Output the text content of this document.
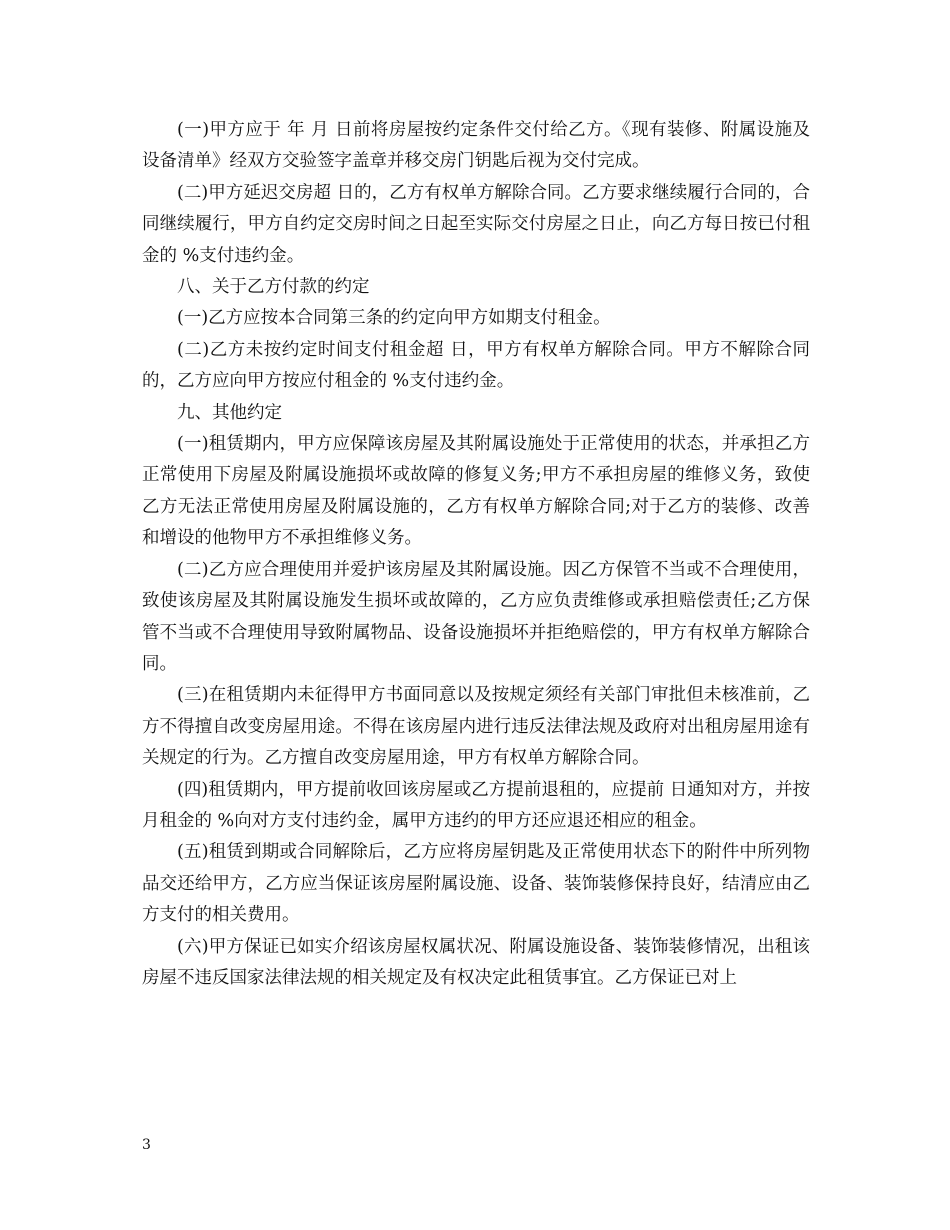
(一)甲方应于 年 月 日前将房屋按约定条件交付给乙方。《现有装修、附属设施及设备清单》经双方交验签字盖章并移交房门钥匙后视为交付完成。

(二)甲方延迟交房超 日的，乙方有权单方解除合同。乙方要求继续履行合同的，合同继续履行，甲方自约定交房时间之日起至实际交付房屋之日止，向乙方每日按已付租金的 %支付违约金。

八、关于乙方付款的约定

(一)乙方应按本合同第三条的约定向甲方如期支付租金。

(二)乙方未按约定时间支付租金超 日，甲方有权单方解除合同。甲方不解除合同的，乙方应向甲方按应付租金的 %支付违约金。

九、其他约定

(一)租赁期内，甲方应保障该房屋及其附属设施处于正常使用的状态，并承担乙方正常使用下房屋及附属设施损坏或故障的修复义务;甲方不承担房屋的维修义务，致使乙方无法正常使用房屋及附属设施的，乙方有权单方解除合同;对于乙方的装修、改善和增设的他物甲方不承担维修义务。

(二)乙方应合理使用并爱护该房屋及其附属设施。因乙方保管不当或不合理使用，致使该房屋及其附属设施发生损坏或故障的，乙方应负责维修或承担赔偿责任;乙方保管不当或不合理使用导致附属物品、设备设施损坏并拒绝赔偿的，甲方有权单方解除合同。

(三)在租赁期内未征得甲方书面同意以及按规定须经有关部门审批但未核准前，乙方不得擅自改变房屋用途。不得在该房屋内进行违反法律法规及政府对出租房屋用途有关规定的行为。乙方擅自改变房屋用途，甲方有权单方解除合同。

(四)租赁期内，甲方提前收回该房屋或乙方提前退租的，应提前 日通知对方，并按月租金的 %向对方支付违约金，属甲方违约的甲方还应退还相应的租金。

(五)租赁到期或合同解除后，乙方应将房屋钥匙及正常使用状态下的附件中所列物品交还给甲方，乙方应当保证该房屋附属设施、设备、装饰装修保持良好，结清应由乙方支付的相关费用。

(六)甲方保证已如实介绍该房屋权属状况、附属设施设备、装饰装修情况，出租该房屋不违反国家法律法规的相关规定及有权决定此租赁事宜。乙方保证已对上

3
